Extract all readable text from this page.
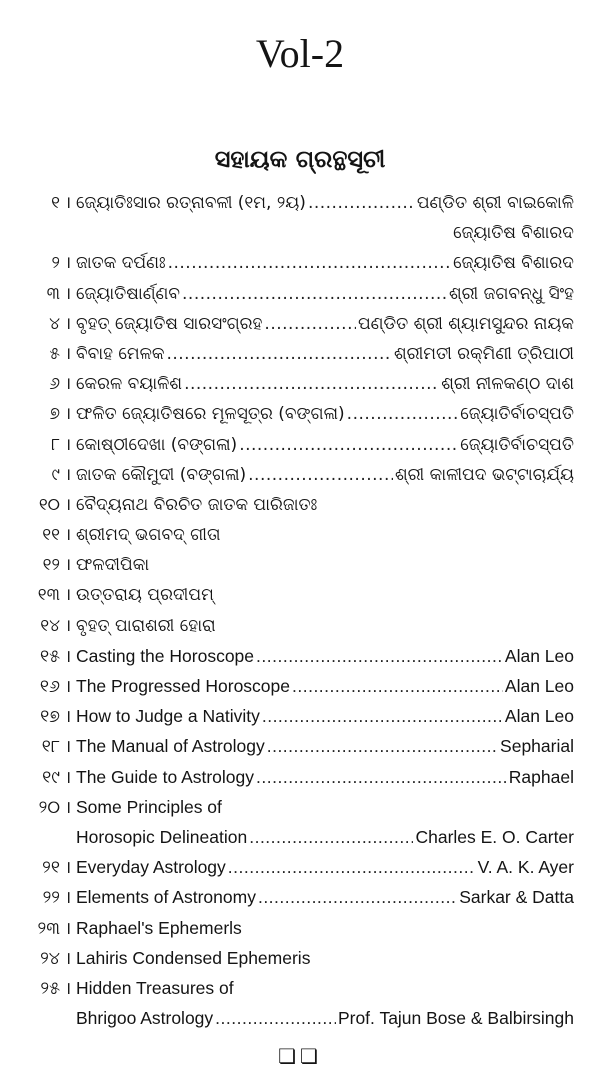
Vol-2
ସହାୟକ ଗ୍ରନ୍ଥସୂଚୀ
୧ । ଜ୍ୟୋତିଃସାର ରତ୍ନାବଳୀ (୧ମ, ୨ୟ) .....	ପଣ୍ଡିତ ଶ୍ରୀ ବାଇକୋଳି
ଜ୍ୟୋତିଷ ବିଶାରଦ
୨ । ଜାତକ ଦର୍ପଣଃ .....	ଜ୍ୟୋତିଷ ବିଶାରଦ
୩ । ଜ୍ୟୋତିଷାର୍ଣ୍ଣବ .....	ଶ୍ରୀ ଜଗବନ୍ଧୁ ସିଂହ
୪ । ବୃହତ୍ ଜ୍ୟୋତିଷ ସାରସଂଗ୍ରହ .....	ପଣ୍ଡିତ ଶ୍ରୀ ଶ୍ୟାମସୁନ୍ଦର ନାୟକ
୫ । ବିବାହ ମେଳକ .....	ଶ୍ରୀମତୀ ରକ୍ମିଣୀ ତ୍ରିପାଠୀ
୬ । କେରଳ ବୟାଳିଶ .....	ଶ୍ରୀ ନୀଳକଣ୍ଠ ଦାଶ
୭ । ଫଳିତ ଜ୍ୟୋତିଷରେ ମୂଳସୂତ୍ର (ବଙ୍ଗଳା) .....	ଜ୍ୟୋତିର୍ବାଚସ୍ପତି
୮ । କୋଷ୍ଠୀଦେଖା (ବଙ୍ଗଳା) .....	ଜ୍ୟୋତିର୍ବାଚସ୍ପତି
୯ । ଜାତକ କୌମୁଦୀ (ବଙ୍ଗଳା) .....	ଶ୍ରୀ କାଳୀପଦ ଭଟ୍ଟାଚାର୍ଯ୍ୟ
୧୦ । ବୈଦ୍ୟନାଥ ବିରଚିତ ଜାତକ ପାରିଜାତଃ
୧୧ । ଶ୍ରୀମଦ୍ ଭଗବଦ୍ ଗୀତା
୧୨ । ଫଳଦୀପିକା
୧୩ । ଉତ୍ତରାୟ ପ୍ରଦୀପମ୍
୧୪ । ବୃହତ୍ ପାରାଶରୀ ହୋରା
୧୫ । Casting the Horoscope .....	Alan Leo
୧୬ । The Progressed Horoscope .....	Alan Leo
୧୭ । How to Judge a Nativity .....	Alan Leo
୧୮ । The Manual of Astrology .....	Sepharial
୧୯ । The Guide to Astrology .....	Raphael
୨୦ । Some Principles of
Horosopic Delineation .....	Charles E. O. Carter
୨୧ । Everyday Astrology .....	V. A. K. Ayer
୨୨ । Elements of Astronomy .....	Sarkar & Datta
୨୩ । Raphael's Ephemerls
୨୪ । Lahiris Condensed Ephemeris
୨୫ । Hidden Treasures of
Bhrigoo Astrology .....	Prof. Tajun Bose & Balbirsingh
❏❏
